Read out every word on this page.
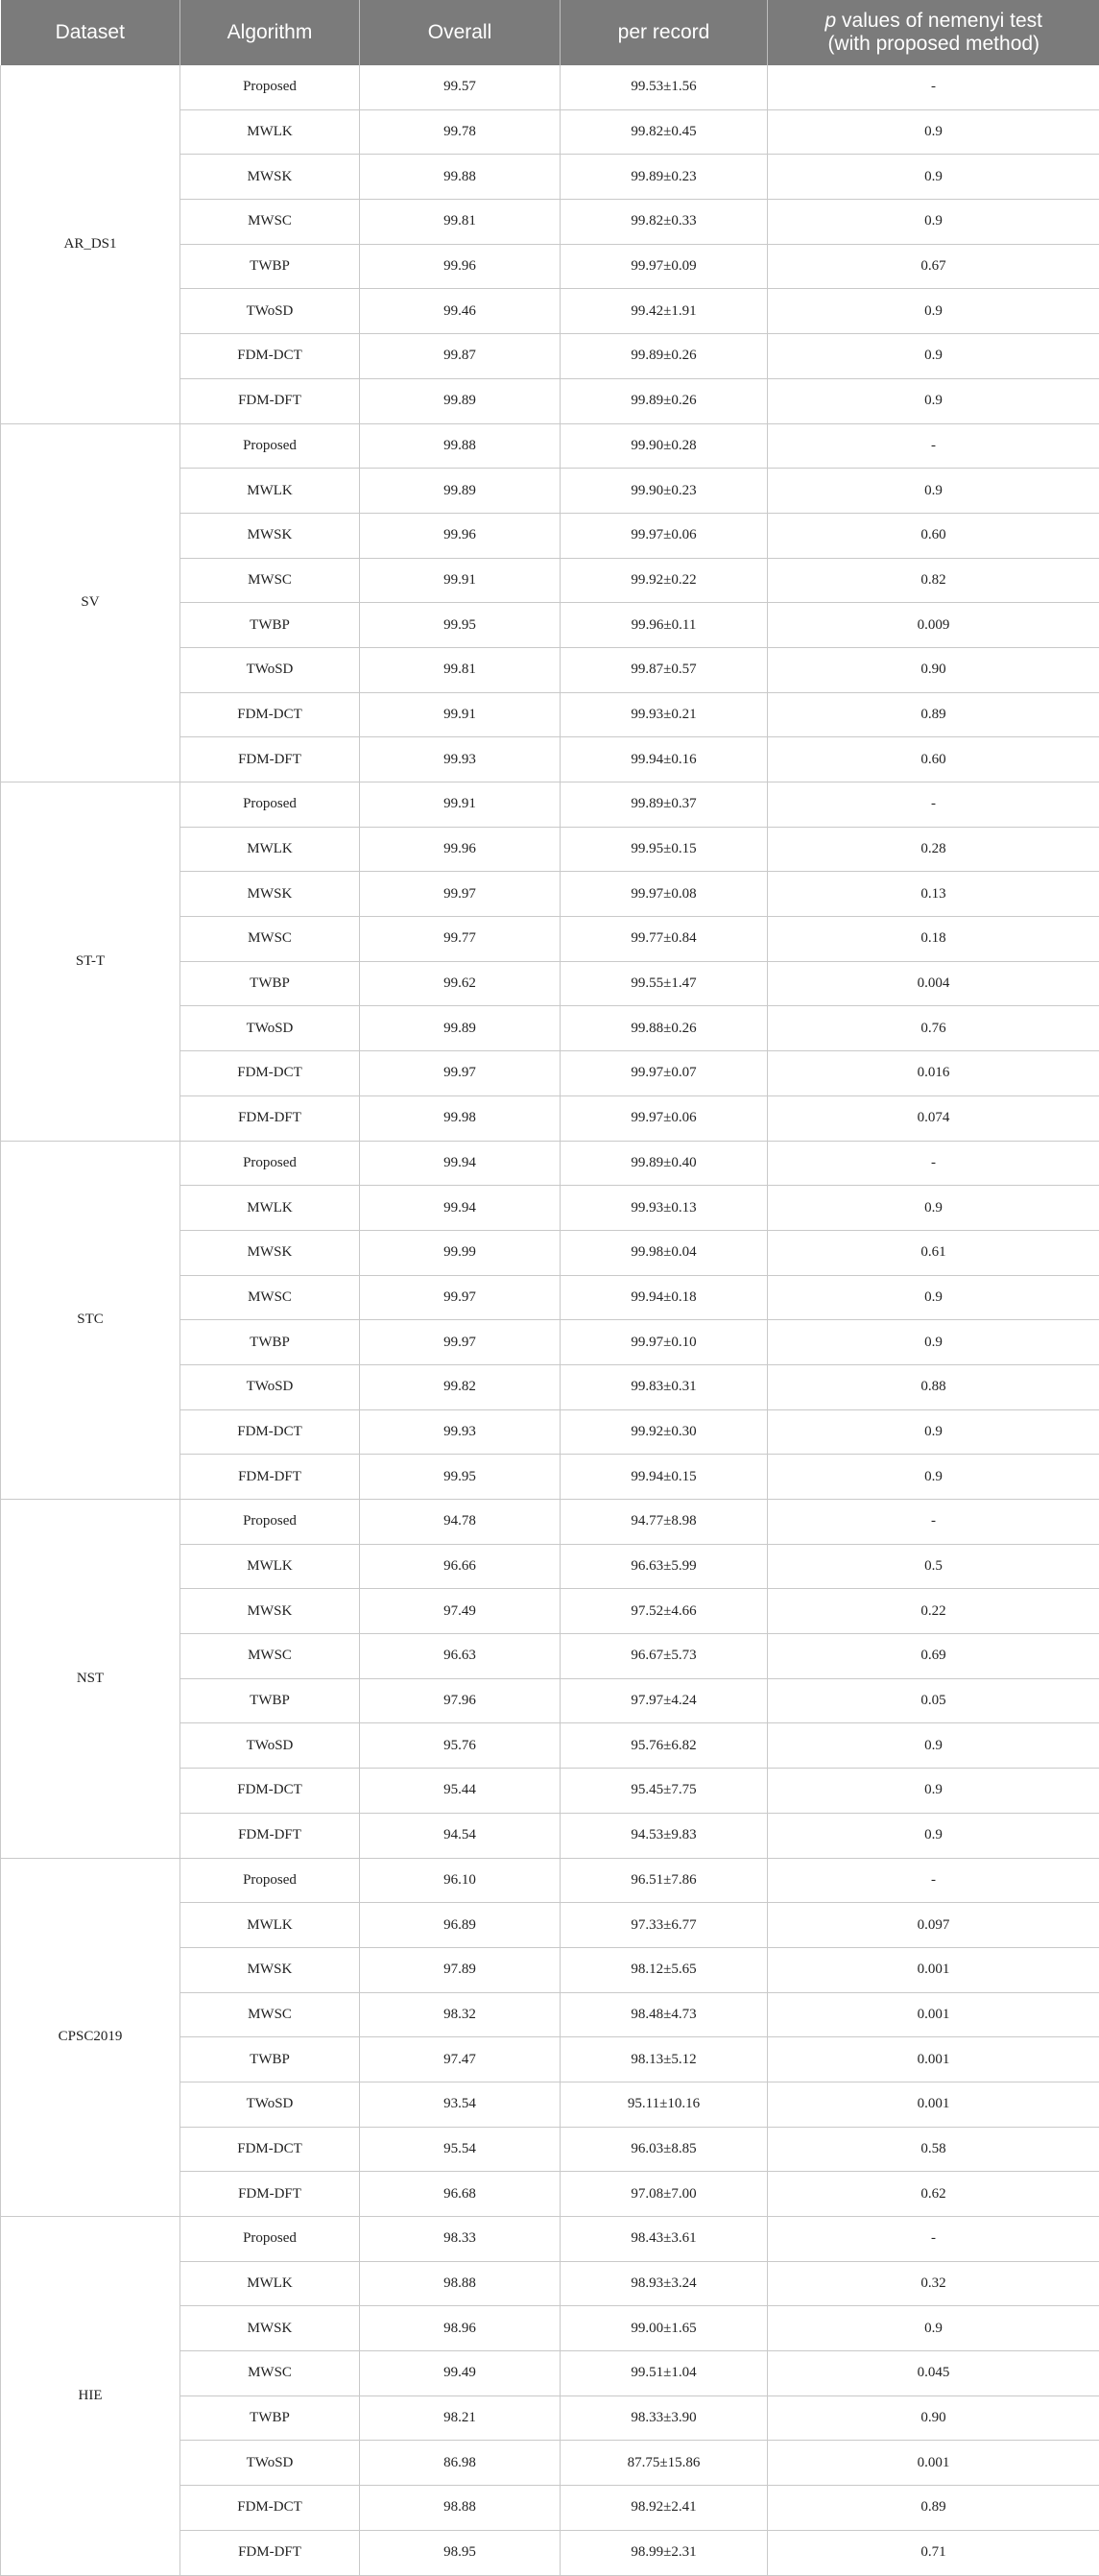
Dataset	Algorithm	Overall	per record	p values of nemenyi test
(with proposed method)
AR_DS1	Proposed	99.57	99.53±1.56	-
	MWLK	99.78	99.82±0.45	0.9
	MWSK	99.88	99.89±0.23	0.9
	MWSC	99.81	99.82±0.33	0.9
	TWBP	99.96	99.97±0.09	0.67
	TWoSD	99.46	99.42±1.91	0.9
	FDM-DCT	99.87	99.89±0.26	0.9
	FDM-DFT	99.89	99.89±0.26	0.9
SV	Proposed	99.88	99.90±0.28	-
	MWLK	99.89	99.90±0.23	0.9
	MWSK	99.96	99.97±0.06	0.60
	MWSC	99.91	99.92±0.22	0.82
	TWBP	99.95	99.96±0.11	0.009
	TWoSD	99.81	99.87±0.57	0.90
	FDM-DCT	99.91	99.93±0.21	0.89
	FDM-DFT	99.93	99.94±0.16	0.60
ST-T	Proposed	99.91	99.89±0.37	-
	MWLK	99.96	99.95±0.15	0.28
	MWSK	99.97	99.97±0.08	0.13
	MWSC	99.77	99.77±0.84	0.18
	TWBP	99.62	99.55±1.47	0.004
	TWoSD	99.89	99.88±0.26	0.76
	FDM-DCT	99.97	99.97±0.07	0.016
	FDM-DFT	99.98	99.97±0.06	0.074
STC	Proposed	99.94	99.89±0.40	-
	MWLK	99.94	99.93±0.13	0.9
	MWSK	99.99	99.98±0.04	0.61
	MWSC	99.97	99.94±0.18	0.9
	TWBP	99.97	99.97±0.10	0.9
	TWoSD	99.82	99.83±0.31	0.88
	FDM-DCT	99.93	99.92±0.30	0.9
	FDM-DFT	99.95	99.94±0.15	0.9
NST	Proposed	94.78	94.77±8.98	-
	MWLK	96.66	96.63±5.99	0.5
	MWSK	97.49	97.52±4.66	0.22
	MWSC	96.63	96.67±5.73	0.69
	TWBP	97.96	97.97±4.24	0.05
	TWoSD	95.76	95.76±6.82	0.9
	FDM-DCT	95.44	95.45±7.75	0.9
	FDM-DFT	94.54	94.53±9.83	0.9
CPSC2019	Proposed	96.10	96.51±7.86	-
	MWLK	96.89	97.33±6.77	0.097
	MWSK	97.89	98.12±5.65	0.001
	MWSC	98.32	98.48±4.73	0.001
	TWBP	97.47	98.13±5.12	0.001
	TWoSD	93.54	95.11±10.16	0.001
	FDM-DCT	95.54	96.03±8.85	0.58
	FDM-DFT	96.68	97.08±7.00	0.62
HIE	Proposed	98.33	98.43±3.61	-
	MWLK	98.88	98.93±3.24	0.32
	MWSK	98.96	99.00±1.65	0.9
	MWSC	99.49	99.51±1.04	0.045
	TWBP	98.21	98.33±3.90	0.90
	TWoSD	86.98	87.75±15.86	0.001
	FDM-DCT	98.88	98.92±2.41	0.89
	FDM-DFT	98.95	98.99±2.31	0.71
